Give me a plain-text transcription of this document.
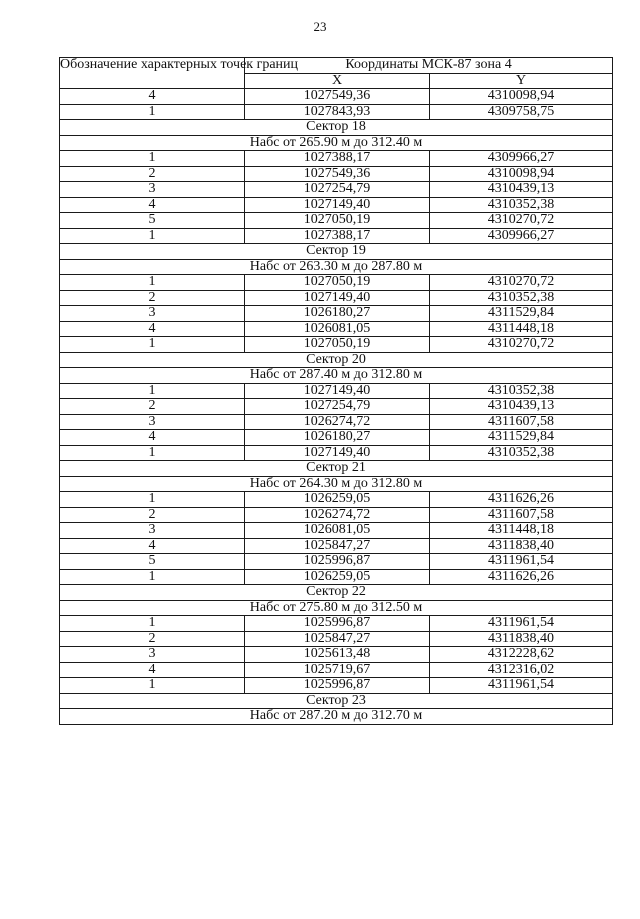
23
Обозначение характерных точек границ	Координаты МСК-87 зона 4	
	X	Y
4	1027549,36	4310098,94
1	1027843,93	4309758,75
Сектор 18		
Набс от 265.90 м до 312.40 м		
1	1027388,17	4309966,27
2	1027549,36	4310098,94
3	1027254,79	4310439,13
4	1027149,40	4310352,38
5	1027050,19	4310270,72
1	1027388,17	4309966,27
Сектор 19		
Набс от 263.30 м до 287.80 м		
1	1027050,19	4310270,72
2	1027149,40	4310352,38
3	1026180,27	4311529,84
4	1026081,05	4311448,18
1	1027050,19	4310270,72
Сектор 20		
Набс от 287.40 м до 312.80 м		
1	1027149,40	4310352,38
2	1027254,79	4310439,13
3	1026274,72	4311607,58
4	1026180,27	4311529,84
1	1027149,40	4310352,38
Сектор 21		
Набс от 264.30 м до 312.80 м		
1	1026259,05	4311626,26
2	1026274,72	4311607,58
3	1026081,05	4311448,18
4	1025847,27	4311838,40
5	1025996,87	4311961,54
1	1026259,05	4311626,26
Сектор 22		
Набс от 275.80 м до 312.50 м		
1	1025996,87	4311961,54
2	1025847,27	4311838,40
3	1025613,48	4312228,62
4	1025719,67	4312316,02
1	1025996,87	4311961,54
Сектор 23		
Набс от 287.20 м до 312.70 м		
